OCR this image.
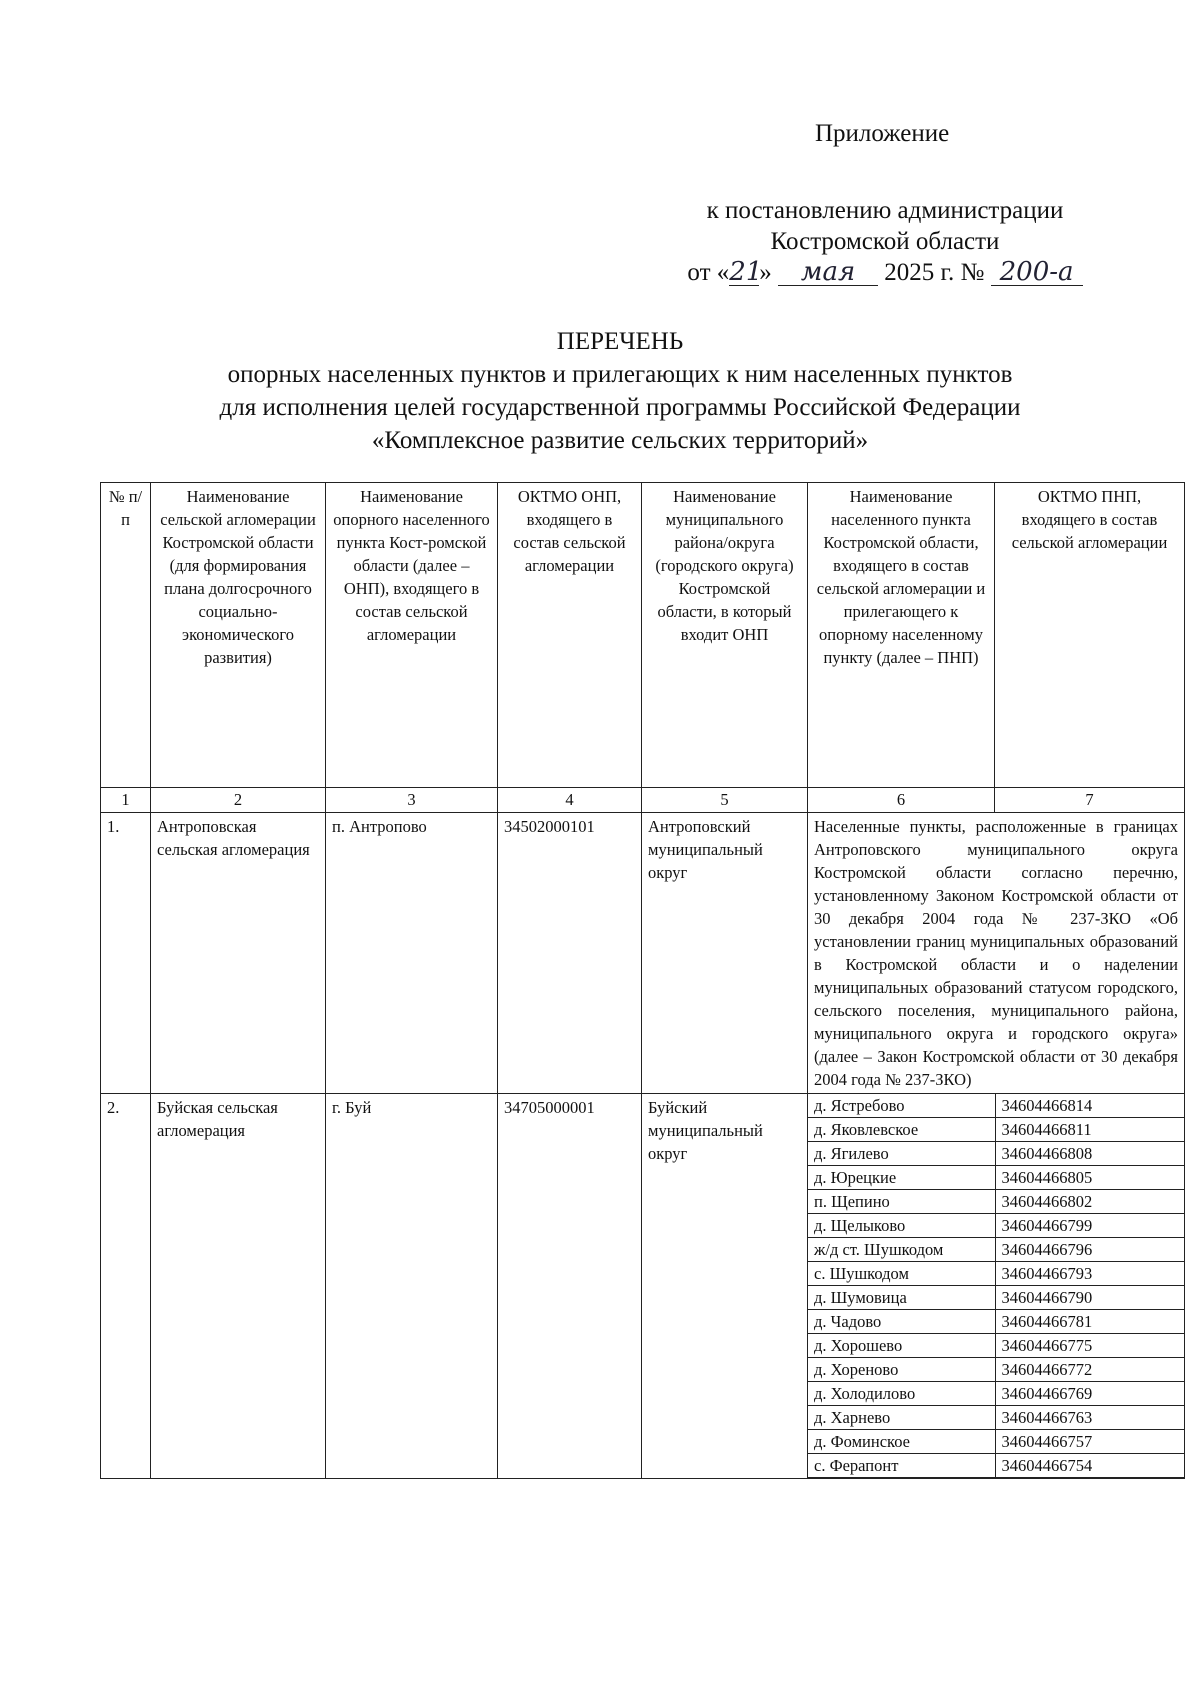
Приложение
к постановлению администрации
Костромской области
от «21» мая 2025 г. № 200-а
ПЕРЕЧЕНЬ
опорных населенных пунктов и прилегающих к ним населенных пунктов
для исполнения целей государственной программы Российской Федерации
«Комплексное развитие сельских территорий»
№ п/п	Наименование сельской агломерации Костромской области (для формирования плана долгосрочного социально-экономического развития)	Наименование опорного населенного пункта Кост-ромской области (далее – ОНП), входящего в состав сельской агломерации	ОКТМО ОНП, входящего в состав сельской агломерации	Наименование муниципального района/округа (городского округа) Костромской области, в который входит ОНП	Наименование населенного пункта Костромской области, входящего в состав сельской агломерации и прилегающего к опорному населенному пункту (далее – ПНП)	ОКТМО ПНП, входящего в состав сельской агломерации
1	2	3	4	5	6	7
1.	Антроповская сельская агломерация	п. Антропово	34502000101	Антроповский муниципальный округ	Населенные пункты, расположенные в границах Антроповского муниципального округа Костромской области согласно перечню, установленному Законом Костромской области от 30 декабря 2004 года № 237-ЗКО «Об установлении границ муниципальных образований в Костромской области и о наделении муниципальных образований статусом городского, сельского поселения, муниципального района, муниципального округа и городского округа» (далее – Закон Костромской области от 30 декабря 2004 года № 237-ЗКО)
2.	Буйская сельская агломерация	г. Буй	34705000001	Буйский муниципальный округ	
д. Ястребово	34604466814
д. Яковлевское	34604466811
д. Ягилево	34604466808
д. Юрецкие	34604466805
п. Щепино	34604466802
д. Щелыково	34604466799
ж/д ст. Шушкодом	34604466796
с. Шушкодом	34604466793
д. Шумовица	34604466790
д. Чадово	34604466781
д. Хорошево	34604466775
д. Хореново	34604466772
д. Холодилово	34604466769
д. Харнево	34604466763
д. Фоминское	34604466757
с. Ферапонт	34604466754
